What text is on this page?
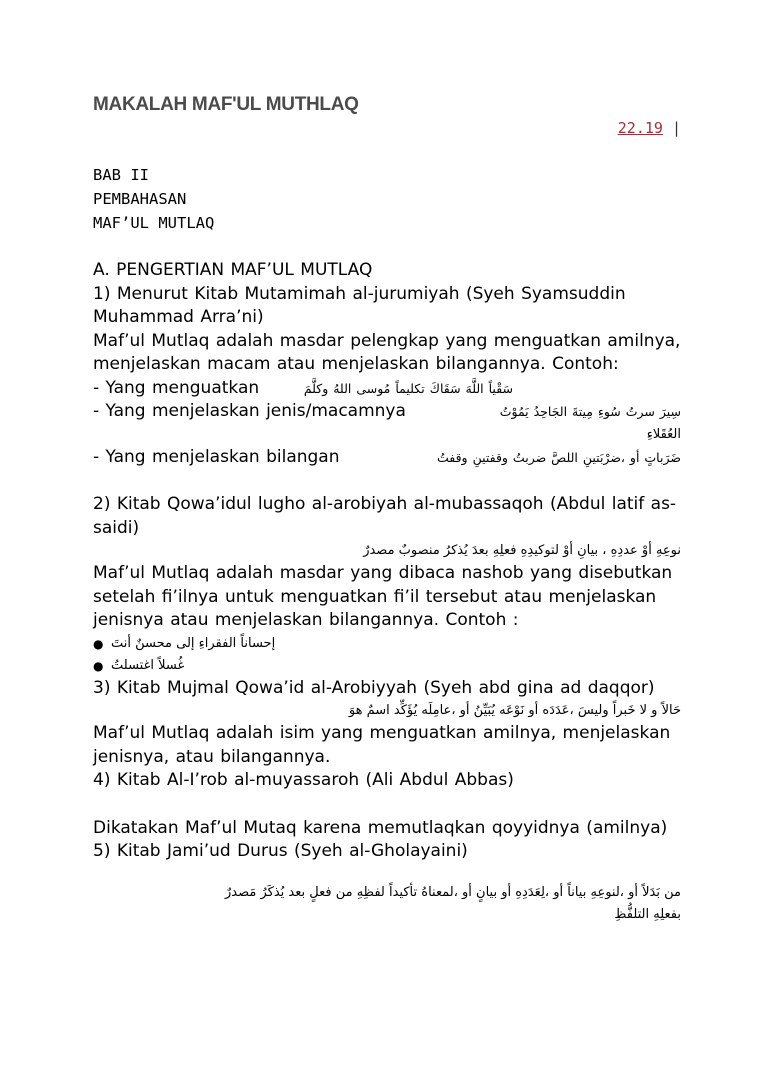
MAKALAH MAF'UL MUTHLAQ
22.19 |
BAB II
PEMBAHASAN
MAF’UL MUTLAQ
A. PENGERTIAN MAF’UL MUTLAQ
1) Menurut Kitab Mutamimah al-jurumiyah (Syeh Syamsuddin Muhammad Arra’ni)
Maf’ul Mutlaq adalah masdar pelengkap yang menguatkan amilnya, menjelaskan macam atau menjelaskan bilangannya. Contoh:
- Yang menguatkan	سَقْياً اللَّهَ سَقَاكَ تكليماً مُوسى اللهُ وكلَّمَ
- Yang menjelaskan jenis/macamnya	سِيرَ سرتُ سُوءِ مِيتةَ الجَاحِدُ يَمُوْتُ
العُقَلاءِ
- Yang menjelaskan bilangan	ضَرَباتٍ أو ،ضرْبَتينِ اللصَّ ضربتُ وقفتينِ وقفتُ
2) Kitab Qowa’idul lugho al-arobiyah al-mubassaqoh (Abdul latif as-saidi)
نوعِهِ أوْ عددِهِ ، بيانِ أوْ لتوكيدِهِ فعلِهِ بعدَ يُذكرُ منصوبٌ مصدرٌ
Maf’ul Mutlaq adalah masdar yang dibaca nashob yang disebutkan setelah fi’ilnya untuk menguatkan fi’il tersebut atau menjelaskan jenisnya atau menjelaskan bilangannya. Contoh :
● إحساناً الفقراءِ إلى محسنٌ أنتَ
● غُسلاً اغتسلتُ
3) Kitab Mujmal Qowa’id al-Arobiyyah (Syeh abd gina ad daqqor)
حَالاً و لا خَبراً وليسَ ،عَدَدَه أو نَوْعَه يُبَيِّنُ أو ،عامِلَه يُؤَكِّد اسمٌ هوَ
Maf’ul Mutlaq adalah isim yang menguatkan amilnya, menjelaskan jenisnya, atau bilangannya.
4) Kitab Al-I’rob al-muyassaroh (Ali Abdul Abbas)
Dikatakan Maf’ul Mutaq karena memutlaqkan qoyyidnya (amilnya)
5) Kitab Jami’ud Durus (Syeh al-Gholayaini)
من بَدَلاً أو ،لنوعِهِ بياناً أو ،لِعَدَدِهِ أو بيانٍ أو ،لمعناهُ تأكيداً لفظِهِ من فعلٍ بعد يُذكَرُ مَصدرٌ
بفعلِهِ التلفُّظِ
